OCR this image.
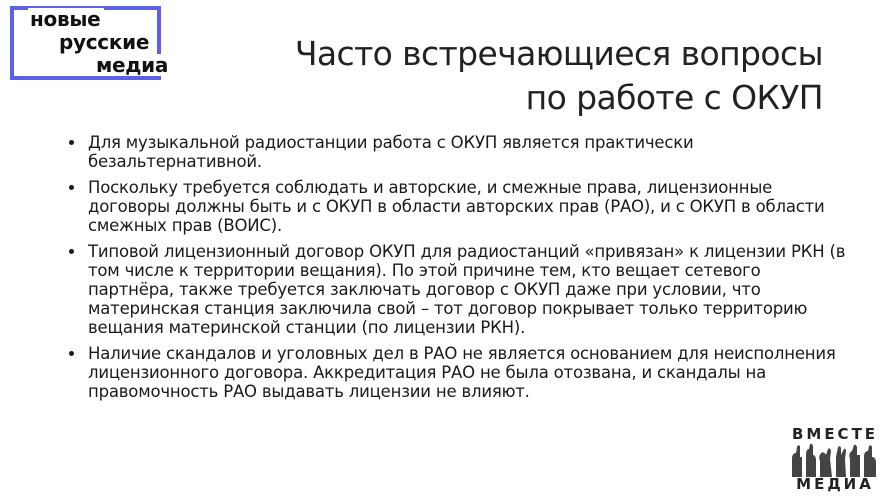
новые
русские
медиа	Часто встречающиеся вопросы
по работе с ОКУП
• Для музыкальной радиостанции работа с ОКУП является практически безальтернативной.
• Поскольку требуется соблюдать и авторские, и смежные права, лицензионные договоры должны быть и с ОКУП в области авторских прав (РАО), и с ОКУП в области смежных прав (ВОИС).
• Типовой лицензионный договор ОКУП для радиостанций «привязан» к лицензии РКН (в том числе к территории вещания). По этой причине тем, кто вещает сетевого партнёра, также требуется заключать договор с ОКУП даже при условии, что материнская станция заключила свой – тот договор покрывает только территорию вещания материнской станции (по лицензии РКН).
• Наличие скандалов и уголовных дел в РАО не является основанием для неисполнения лицензионного договора. Аккредитация РАО не была отозвана, и скандалы на правомочность РАО выдавать лицензии не влияют.
ВМЕСТЕ
МЕДИА
